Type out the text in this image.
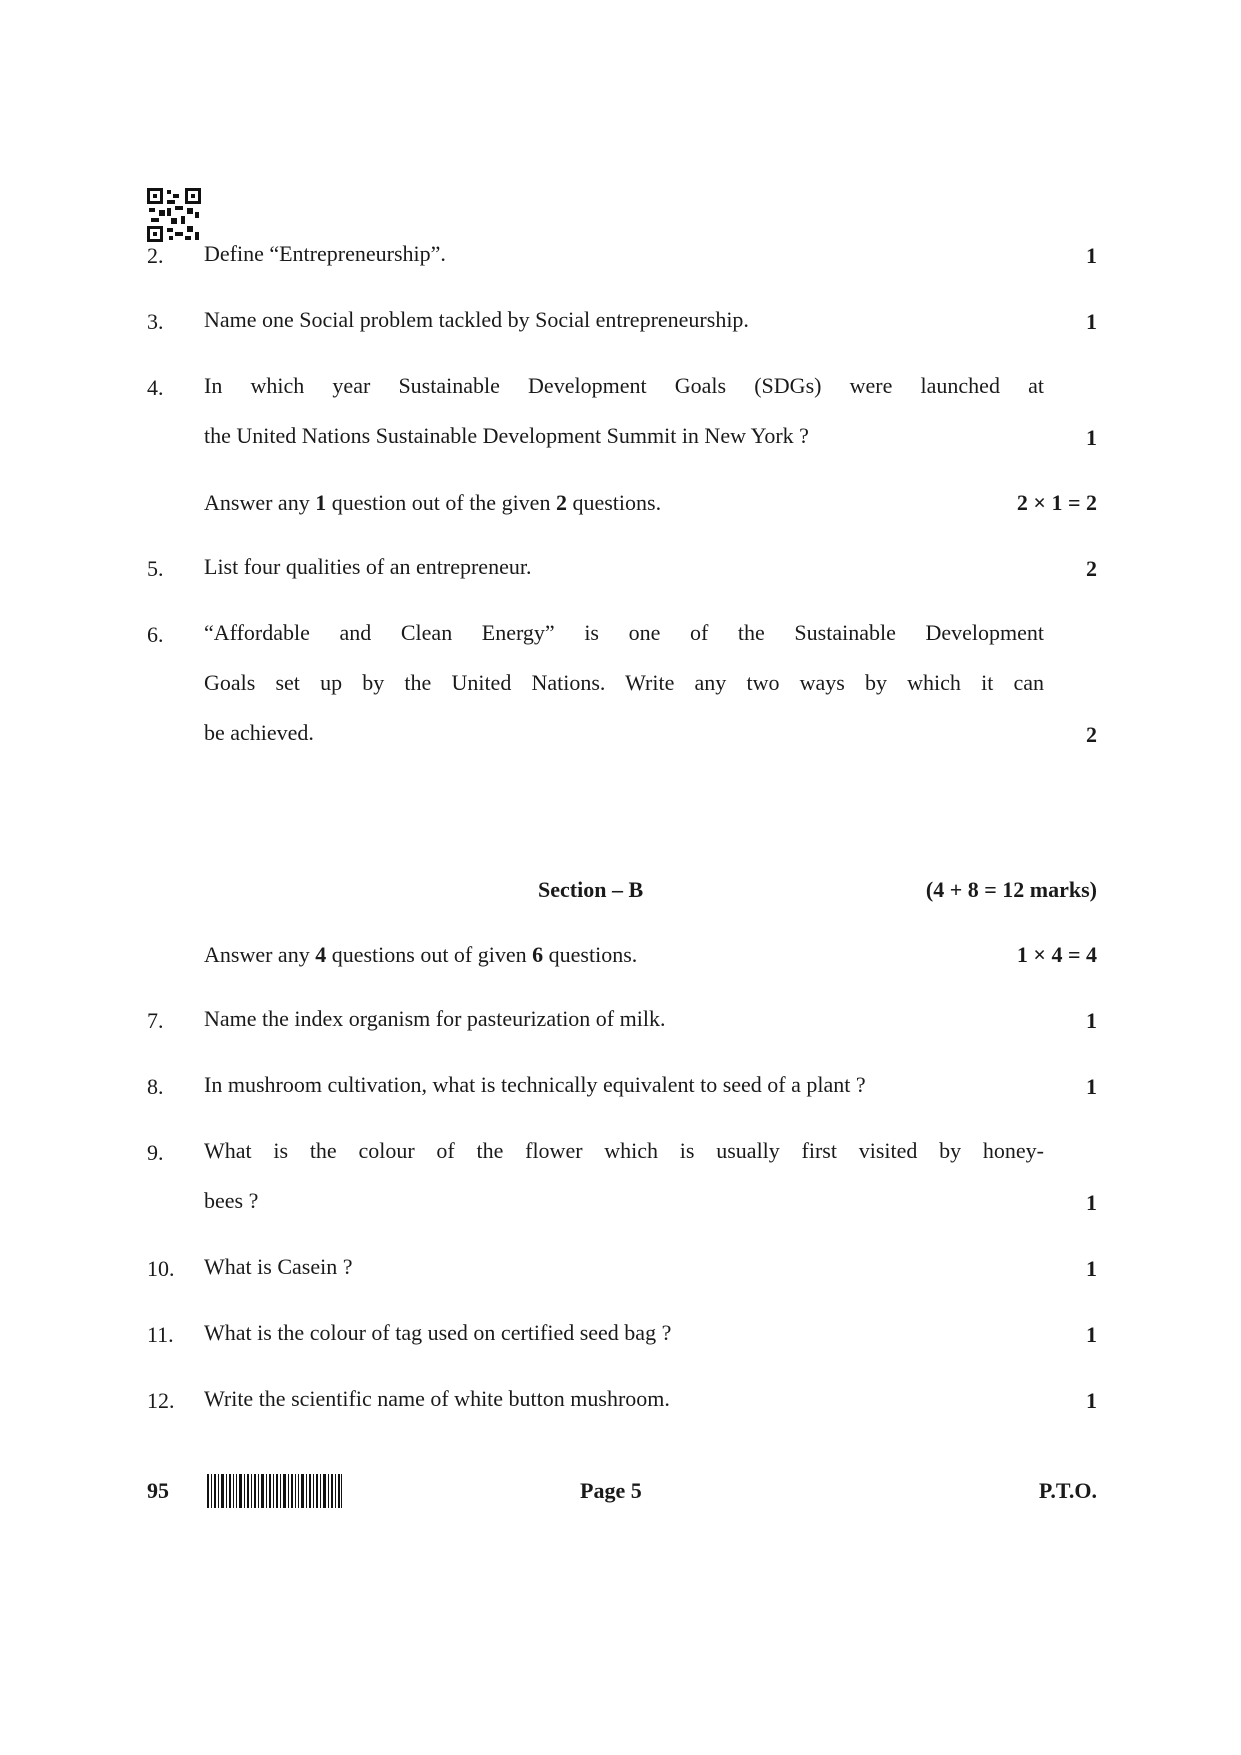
2. Define “Entrepreneurship”.	1
3. Name one Social problem tackled by Social entrepreneurship.	1
4. In which year Sustainable Development Goals (SDGs) were launched at
the United Nations Sustainable Development Summit in New York ?	1
Answer any 1 question out of the given 2 questions.	2 × 1 = 2
5. List four qualities of an entrepreneur.	2
6. “Affordable and Clean Energy” is one of the Sustainable Development
Goals set up by the United Nations. Write any two ways by which it can
be achieved.	2
Section – B	(4 + 8 = 12 marks)
Answer any 4 questions out of given 6 questions.	1 × 4 = 4
7. Name the index organism for pasteurization of milk.	1
8. In mushroom cultivation, what is technically equivalent to seed of a plant ?	1
9. What is the colour of the flower which is usually first visited by honey-
bees ?	1
10. What is Casein ?	1
11. What is the colour of tag used on certified seed bag ?	1
12. Write the scientific name of white button mushroom.	1
95	Page 5	P.T.O.
